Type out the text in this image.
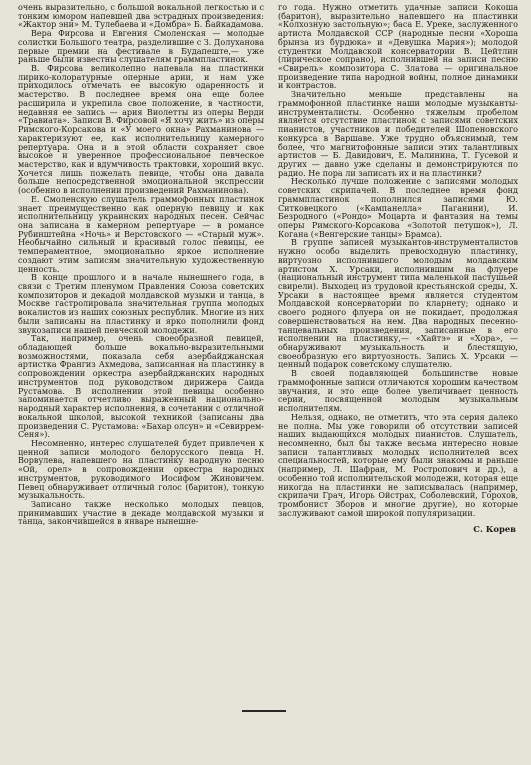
очень выразительно, с большой вокальной легкостью и с тонким юмором напевшей два эстрадных произведения: «Жактор эни» М. Тулебаева и «Домбра» Б. Байкадамова.

Вера Фирсова и Евгения Смоленская — молодые солистки Большого театра, разделившие с З. Долуханова первые премии на фестивале в Будапеште,— уже раньше были известны слушателям граммпластинок.

В. Фирсова великолепно напевала на пластинки лирико-колоратурные оперные арии, и нам уже приходилось отмечать ее высокую одаренность и мастерство. В последнее время она еще более расширила и укрепила свое положение, в частности, недавняя ее запись — ария Виолетты из оперы Верди «Травиата». Записи В. Фирсовой «Я хочу жить» из оперы Римского-Корсакова и «У моего окна» Рахманинова — характеризуют ее, как исполнительницу камерного репертуара. Она и в этой области сохраняет свое высокое и уверенное профессиональное певческое мастерство, как и вдумчивость трактовки, хороший вкус. Хочется лишь пожелать певице, чтобы она давала больше непосредственной эмоциональной экспрессии (особенно в исполнении произведений Рахманинова).

Е. Смоленскую слушатель граммофонных пластинок знает преимущественно как оперную певицу и как исполнительницу украинских народных песен. Сейчас она записана в камерном репертуаре — в романсе Рубинштейна «Ночь» и Верстовского — «Старый муж». Необычайно сильный и красивый голос певицы, ее темпераментное, эмоционально яркое исполнение создают этим записям значительную художественную ценность.

В конце прошлого и в начале нынешнего года, в связи с Третим пленумом Правления Союза советских композиторов и декадой молдавской музыки и танца, в Москве гастролировала значительная группа молодых вокалистов из наших союзных республик. Многие из них были записаны на пластинку и ярко пополнили фонд звукозаписи нашей певческой молодежи.

Так, например, очень своеобразной певицей, обладающей больше вокально-выразительными возможностями, показала себя азербайджанская артистка Франгиз Ахмедова, записанная на пластинку в сопровождении оркестра азербайджанских народных инструментов под руководством дирижера Саида Рустамова. В исполнении этой певицы особенно запоминается отчетливо выраженный национально-народный характер исполнения, в сочетании с отличной вокальной школой, высокой техникой (записаны два произведения С. Рустамова: «Бахар олсун» и «Севиррем-Сеня»).

Несомненно, интерес слушателей будет привлечен к ценной записи молодого белорусского певца Н. Ворвулева, напевшего на пластинку народную песню «Ой, орел» в сопровождении оркестра народных инструментов, руководимого Иосифом Жиновичем. Певец обнаруживает отличный голос (баритон), тонкую музыкальность.

Записано также несколько молодых певцов, принимавших участие в декаде молдавской музыки и танца, закончившейся в январе нынешне-

го года. Нужно отметить удачные записи Кокоша (баритон), выразительно напевшего на пластинки «Колхозную застольную»; баса Е. Уреке, заслуженного артиста Молдавской ССР (народные песни «Хороша брынза из бурдюка» и «Девушка Мария»); молодой студентки Молдавской консерватории В. Цейтлин (лирическое сопрано), исполнившей на записи песню «Свирель» композитора С. Златова — оригинальное произведение типа народной войны, полное динамики и контрастов.

Значительно меньше представлены на граммофонной пластинке наши молодые музыканты-инструменталисты. Особенно тяжелым пробелом является отсутствие пластинок с записями советских пианистов, участников и победителей Шопеновского конкурса в Варшаве. Уже трудно объяснимый, тем более, что магнитофонные записи этих талантливых артистов — Б. Давидович, Е. Малинина, Т. Гусевой и других — давно уже сделаны и демонстрируются по радио. Не пора ли записать их и на пластинки?

Несколько лучше положение с записями молодых советских скрипачей. В последнее время фонд граммпластинок пополнился записями Ю. Ситковецкого («Кампанелла» Паганини), И. Безродного («Рондо» Моцарта и фантазия на темы оперы Римского-Корсакова «Золотой петушок»), Л. Когана («Венгерские танцы» Брамса).

В группе записей музыкантов-инструменталистов нужно особо выделить превосходную пластинку, виртуозно исполнившего молодым молдавским артистом Х. Урсаки, исполнившим на флуере (национальный инструмент типа маленькой пастушьей свирели). Выходец из трудовой крестьянской среды, Х. Урсаки в настоящее время является студентом Молдавской консерватории по кларнету; однако и своего родного флуера он не покидает, продолжая совершенствоваться на нем. Два народных песенно-танцевальных произведения, записанные в его исполнении на пластинку,— «Хайтэ» и «Хора», — обнаруживают музыкальность и блестящую, своеобразную его виртуозность. Запись Х. Урсаки — ценный подарок советскому слушателю.

В своей подавляющей большинстве новые граммофонные записи отличаются хорошим качеством звучания, и это еще более увеличивает ценность серии, посвященной молодым музыкальным исполнителям.

Нельзя, однако, не отметить, что эта серия далеко не полна. Мы уже говорили об отсутствии записей наших выдающихся молодых пианистов. Слушатель, несомненно, был бы также весьма интересно новые записи талантливых молодых исполнителей всех специальностей, которые ему были знакомы и раньше (например, Л. Шафран, М. Ростропович и др.), а особенно той исполнительской молодежи, которая еще никогда на пластинки не записывалась (например, скрипачи Грач, Игорь Ойстрах, Соболевский, Горохов, тромбонист Зборов и многие другие), но которые заслуживают самой широкой популяризации.

С. Корев
